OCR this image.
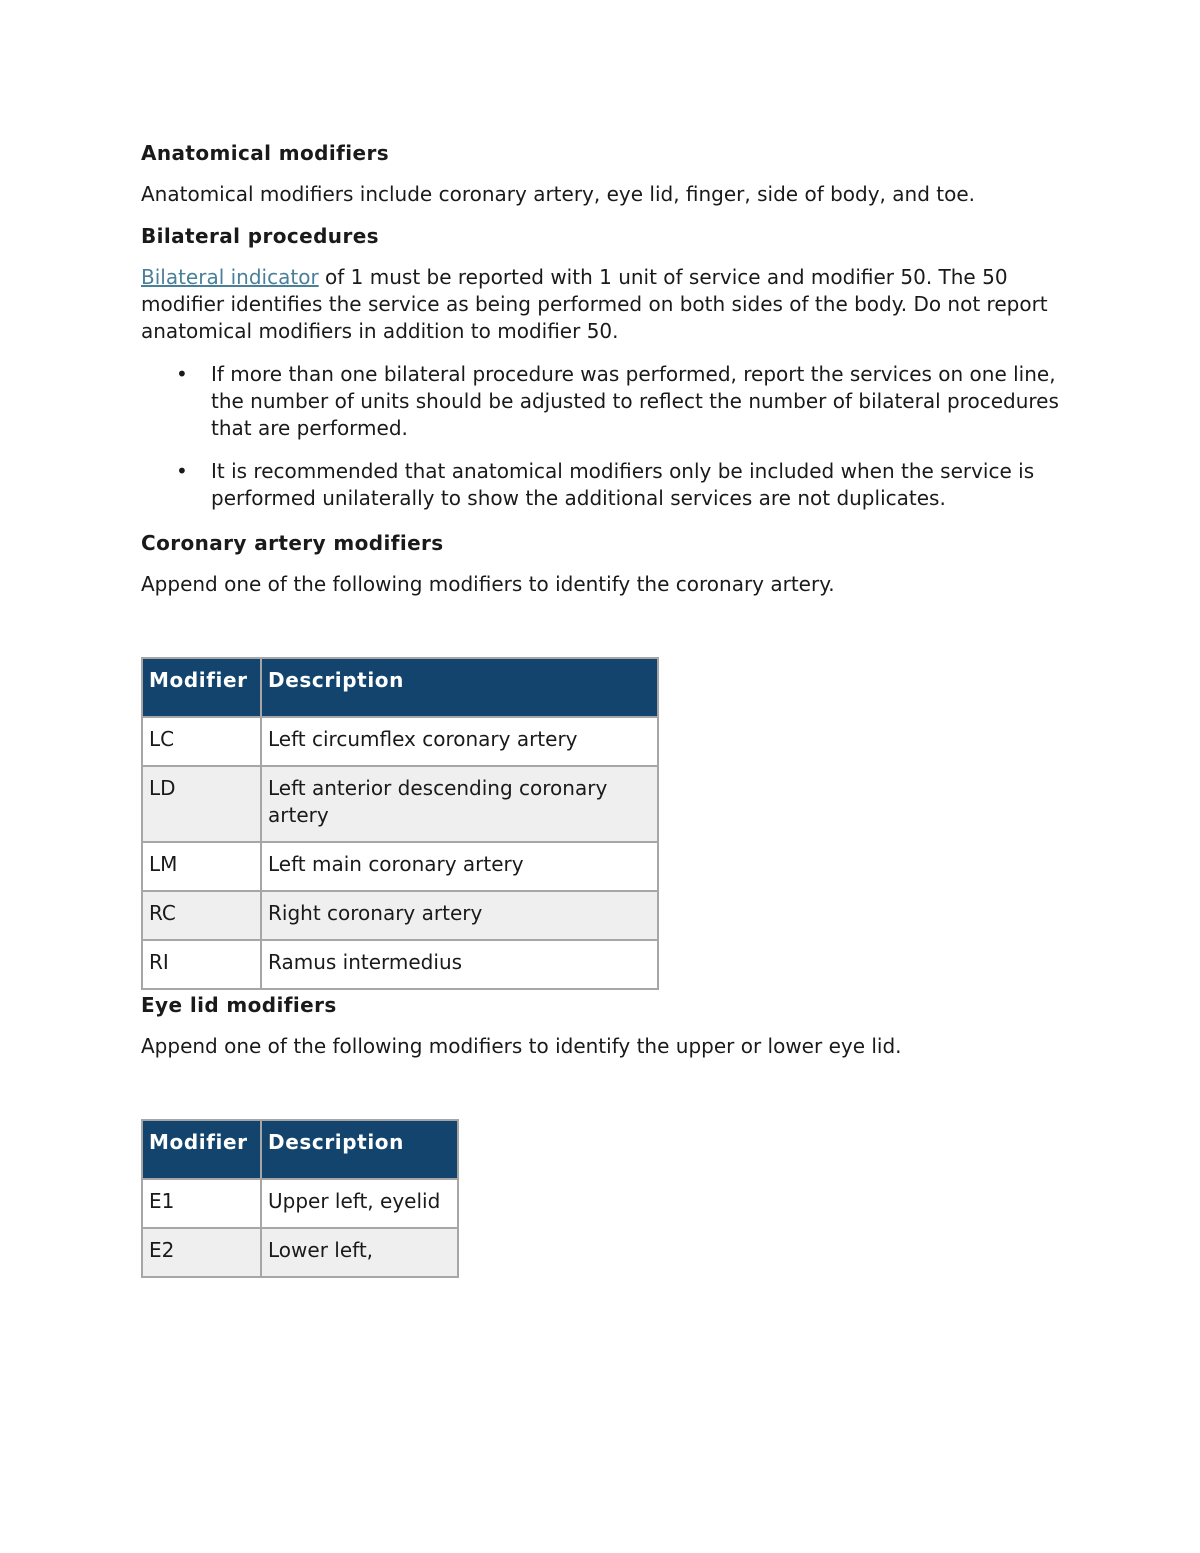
Anatomical modifiers

Anatomical modifiers include coronary artery, eye lid, finger, side of body, and toe.

Bilateral procedures

Bilateral indicator of 1 must be reported with 1 unit of service and modifier 50. The 50 modifier identifies the service as being performed on both sides of the body. Do not report anatomical modifiers in addition to modifier 50.

• If more than one bilateral procedure was performed, report the services on one line, the number of units should be adjusted to reflect the number of bilateral procedures that are performed.
• It is recommended that anatomical modifiers only be included when the service is performed unilaterally to show the additional services are not duplicates.
Coronary artery modifiers

Append one of the following modifiers to identify the coronary artery.

Modifier	Description
LC	Left circumflex coronary artery
LD	Left anterior descending coronary artery
LM	Left main coronary artery
RC	Right coronary artery
RI	Ramus intermedius
Eye lid modifiers

Append one of the following modifiers to identify the upper or lower eye lid.

Modifier	Description
E1	Upper left, eyelid
E2	Lower left,
